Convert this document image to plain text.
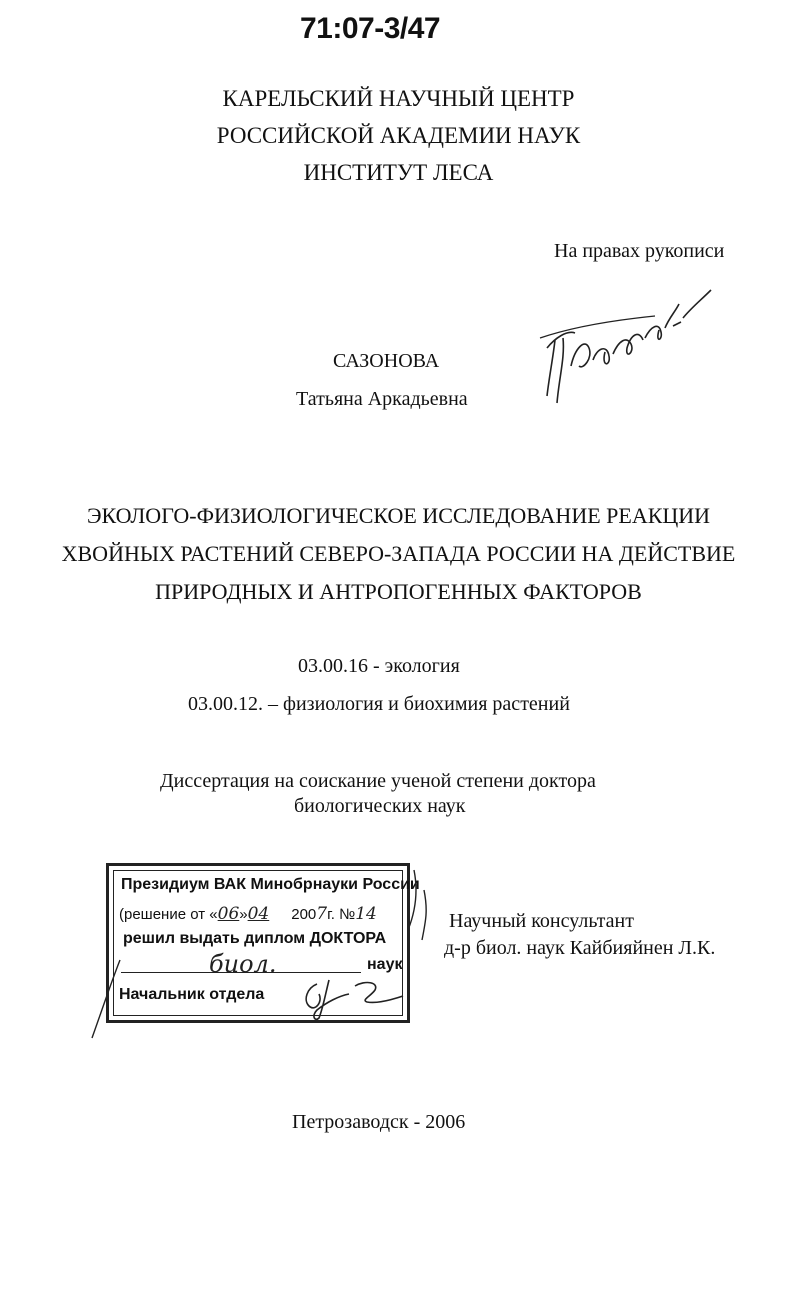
71:07-3/47
КАРЕЛЬСКИЙ НАУЧНЫЙ ЦЕНТР
РОССИЙСКОЙ АКАДЕМИИ НАУК
ИНСТИТУТ ЛЕСА
На правах рукописи
САЗОНОВА
Татьяна Аркадьевна
ЭКОЛОГО-ФИЗИОЛОГИЧЕСКОЕ ИССЛЕДОВАНИЕ РЕАКЦИИ
ХВОЙНЫХ РАСТЕНИЙ СЕВЕРО-ЗАПАДА РОССИИ НА ДЕЙСТВИЕ
ПРИРОДНЫХ И АНТРОПОГЕННЫХ ФАКТОРОВ
03.00.16 - экология
03.00.12. – физиология и биохимия растений
Диссертация на соискание ученой степени доктора
биологических наук
Президиум ВАК Минобрнауки России
(решение от «06»04 2007г. №14
решил выдать диплом ДОКТОРА
биол.	наук
Начальник отдела
Научный консультант
д-р биол. наук Кайбияйнен Л.К.
Петрозаводск - 2006
